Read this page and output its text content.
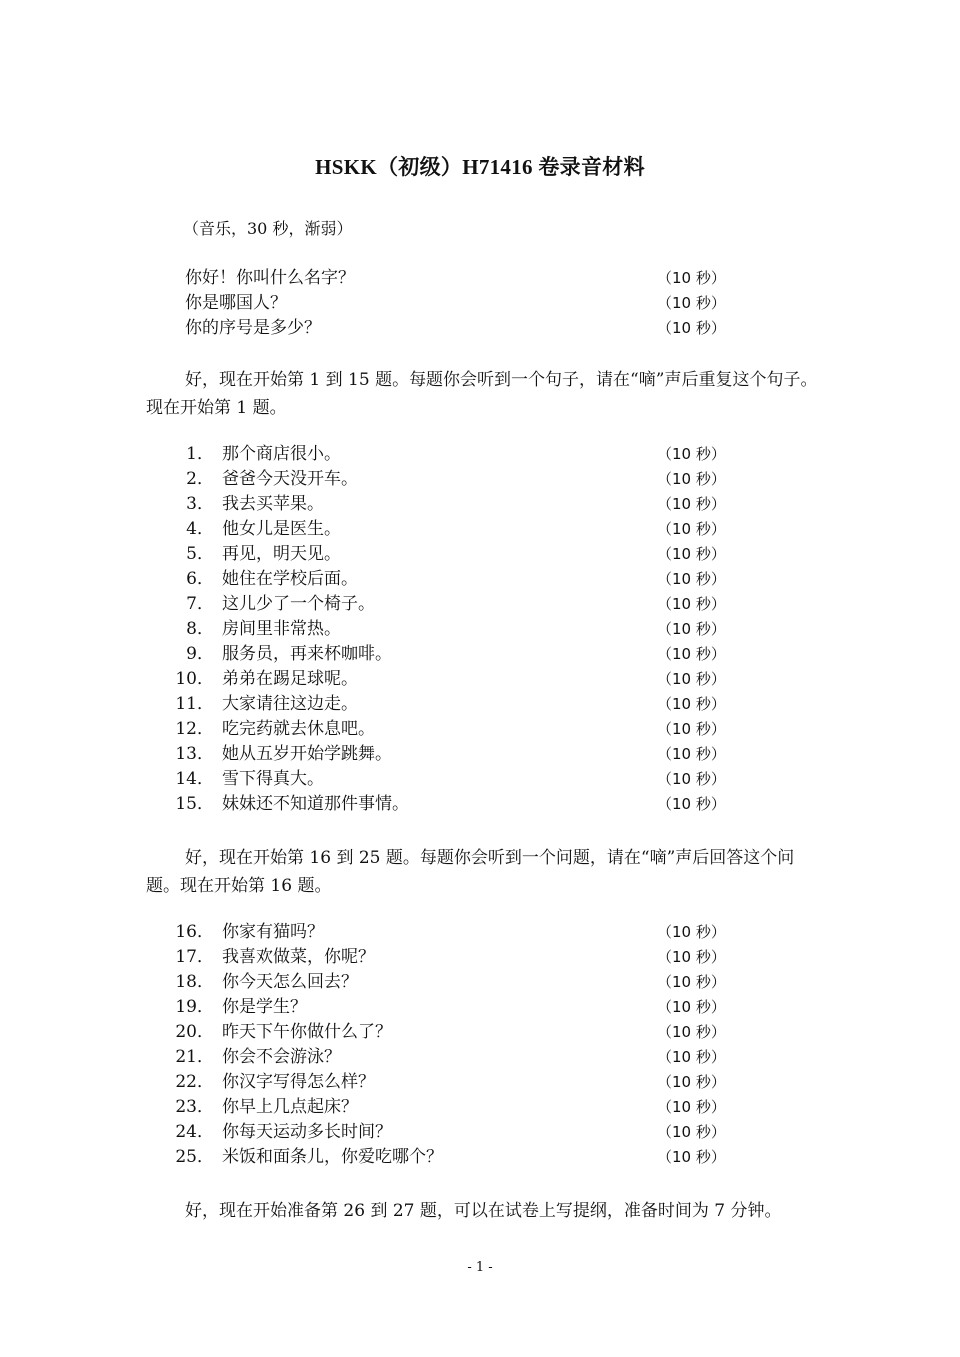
HSKK（初级）H71416 卷录音材料
（音乐，30 秒，渐弱）
你好！你叫什么名字？	（10 秒）
你是哪国人？	（10 秒）
你的序号是多少？	（10 秒）
好，现在开始第 1 到 15 题。每题你会听到一个句子，请在“嘀”声后重复这个句子。现在开始第 1 题。
1． 那个商店很小。	（10 秒）
2． 爸爸今天没开车。	（10 秒）
3． 我去买苹果。	（10 秒）
4． 他女儿是医生。	（10 秒）
5． 再见，明天见。	（10 秒）
6． 她住在学校后面。	（10 秒）
7． 这儿少了一个椅子。	（10 秒）
8． 房间里非常热。	（10 秒）
9． 服务员，再来杯咖啡。	（10 秒）
10． 弟弟在踢足球呢。	（10 秒）
11． 大家请往这边走。	（10 秒）
12． 吃完药就去休息吧。	（10 秒）
13． 她从五岁开始学跳舞。	（10 秒）
14． 雪下得真大。	（10 秒）
15． 妹妹还不知道那件事情。	（10 秒）
好，现在开始第 16 到 25 题。每题你会听到一个问题，请在“嘀”声后回答这个问题。现在开始第 16 题。
16． 你家有猫吗？	（10 秒）
17． 我喜欢做菜，你呢？	（10 秒）
18． 你今天怎么回去？	（10 秒）
19． 你是学生？	（10 秒）
20． 昨天下午你做什么了？	（10 秒）
21． 你会不会游泳？	（10 秒）
22． 你汉字写得怎么样？	（10 秒）
23． 你早上几点起床？	（10 秒）
24． 你每天运动多长时间？	（10 秒）
25． 米饭和面条儿，你爱吃哪个？	（10 秒）
好，现在开始准备第 26 到 27 题，可以在试卷上写提纲，准备时间为 7 分钟。
- 1 -
